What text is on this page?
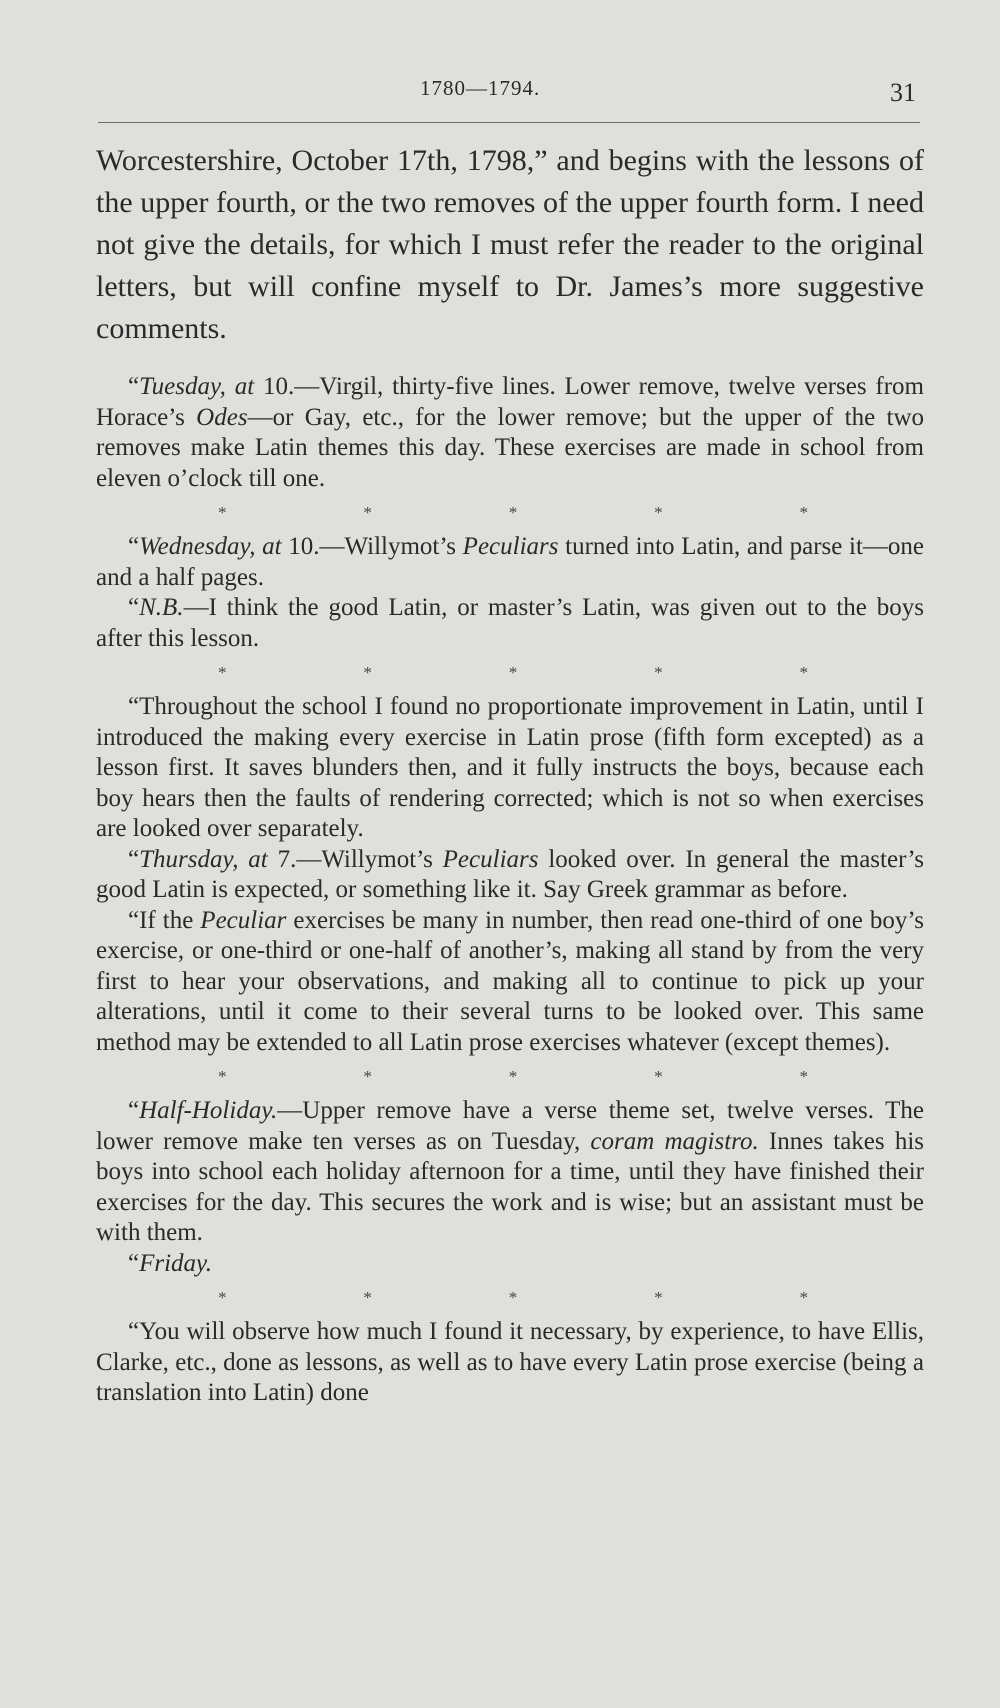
1780—1794.	31

Worcestershire, October 17th, 1798,” and begins with the lessons of the upper fourth, or the two removes of the upper fourth form. I need not give the details, for which I must refer the reader to the original letters, but will confine myself to Dr. James’s more suggestive comments.

“Tuesday, at 10.—Virgil, thirty-five lines. Lower remove, twelve verses from Horace’s Odes—or Gay, etc., for the lower remove; but the upper of the two removes make Latin themes this day. These exercises are made in school from eleven o’clock till one.

*	*	*	*	*

“Wednesday, at 10.—Willymot’s Peculiars turned into Latin, and parse it—one and a half pages.

“N.B.—I think the good Latin, or master’s Latin, was given out to the boys after this lesson.

*	*	*	*	*

“Throughout the school I found no proportionate improvement in Latin, until I introduced the making every exercise in Latin prose (fifth form excepted) as a lesson first. It saves blunders then, and it fully instructs the boys, because each boy hears then the faults of rendering corrected; which is not so when exercises are looked over separately.

“Thursday, at 7.—Willymot’s Peculiars looked over. In general the master’s good Latin is expected, or something like it. Say Greek grammar as before.

“If the Peculiar exercises be many in number, then read one-third of one boy’s exercise, or one-third or one-half of another’s, making all stand by from the very first to hear your observations, and making all to continue to pick up your alterations, until it come to their several turns to be looked over. This same method may be extended to all Latin prose exercises whatever (except themes).

*	*	*	*	*

“Half-Holiday.—Upper remove have a verse theme set, twelve verses. The lower remove make ten verses as on Tuesday, coram magistro. Innes takes his boys into school each holiday afternoon for a time, until they have finished their exercises for the day. This secures the work and is wise; but an assistant must be with them.

“Friday.

*	*	*	*	*

“You will observe how much I found it necessary, by experience, to have Ellis, Clarke, etc., done as lessons, as well as to have every Latin prose exercise (being a translation into Latin) done
